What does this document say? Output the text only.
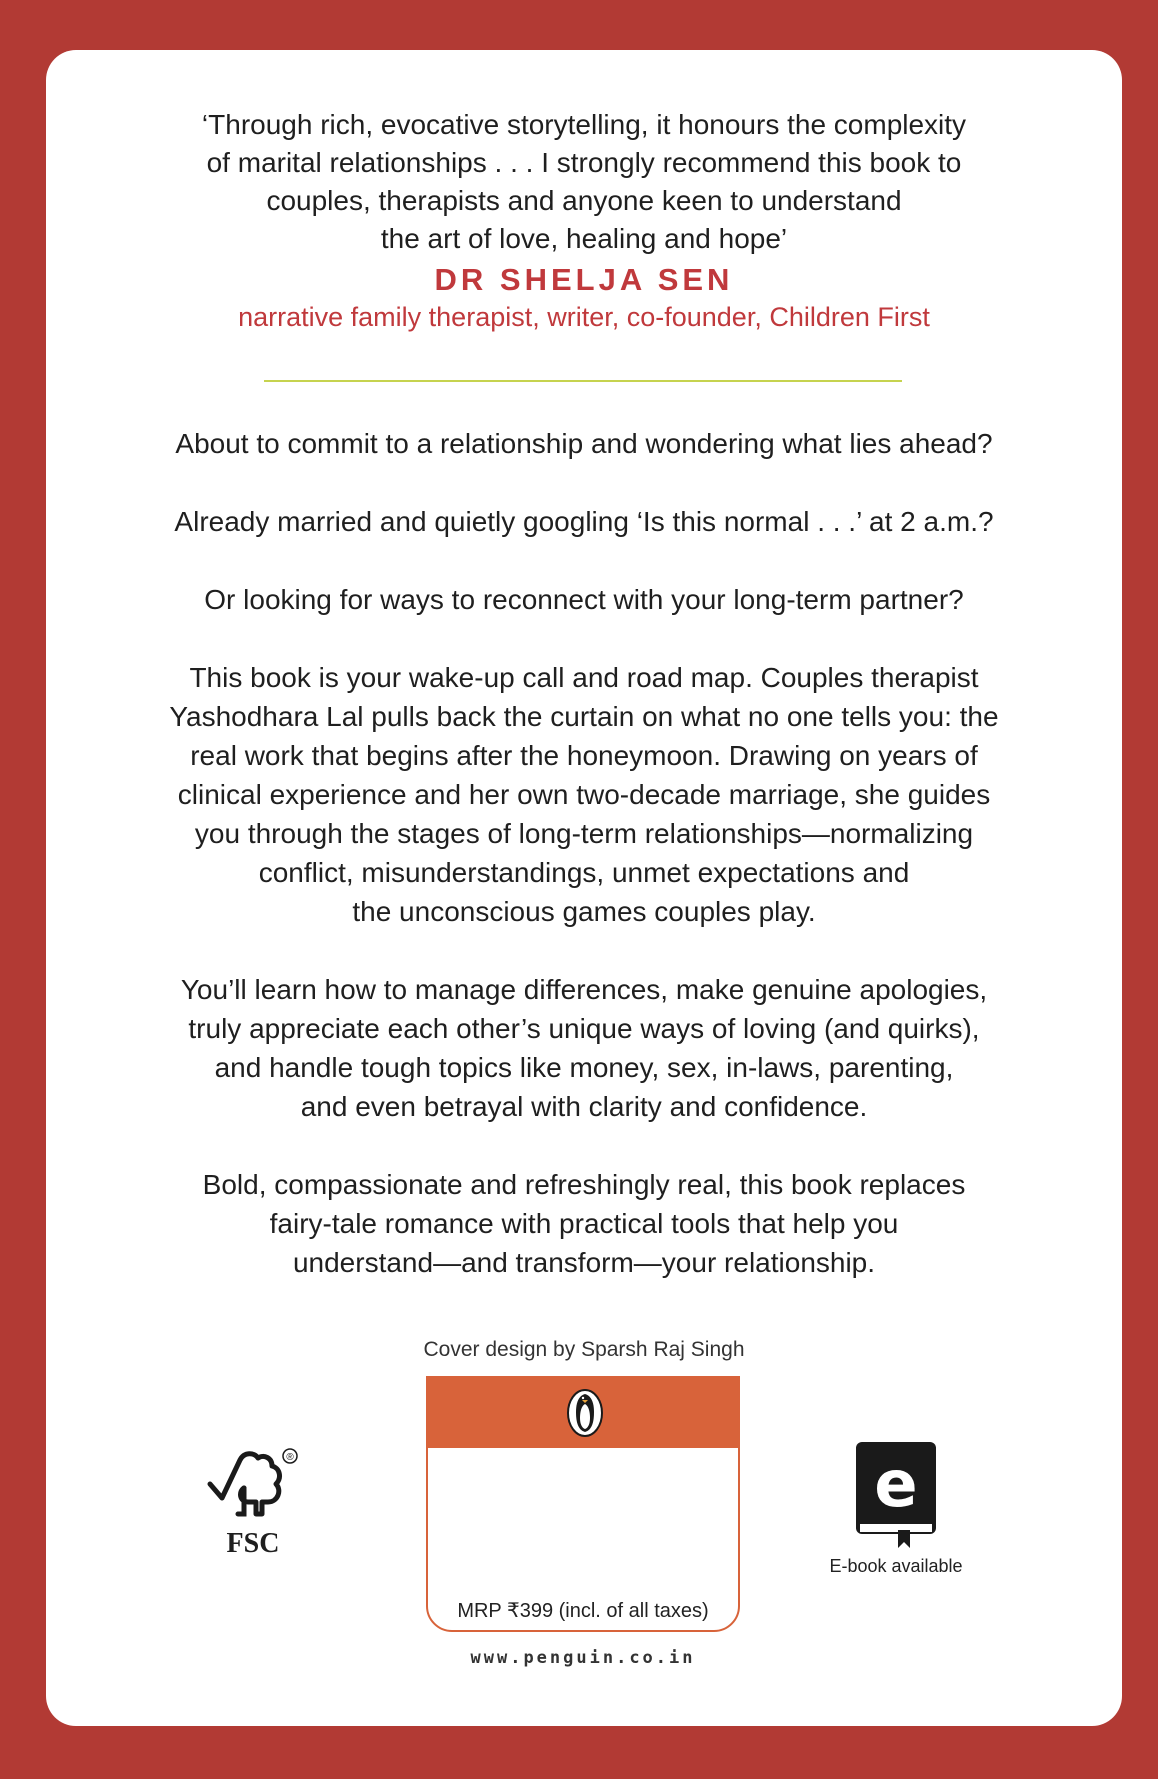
‘Through rich, evocative storytelling, it honours the complexity

of marital relationships . . . I strongly recommend this book to

couples, therapists and anyone keen to understand

the art of love, healing and hope’

DR SHELJA SEN
narrative family therapist, writer, co-founder, Children First

About to commit to a relationship and wondering what lies ahead?

Already married and quietly googling ‘Is this normal . . .’ at 2 a.m.?

Or looking for ways to reconnect with your long-term partner?

This book is your wake-up call and road map. Couples therapist
Yashodhara Lal pulls back the curtain on what no one tells you: the
real work that begins after the honeymoon. Drawing on years of
clinical experience and her own two-decade marriage, she guides
you through the stages of long-term relationships—normalizing
conflict, misunderstandings, unmet expectations and
the unconscious games couples play.

You’ll learn how to manage differences, make genuine apologies,
truly appreciate each other’s unique ways of loving (and quirks),
and handle tough topics like money, sex, in-laws, parenting,
and even betrayal with clarity and confidence.

Bold, compassionate and refreshingly real, this book replaces
fairy-tale romance with practical tools that help you
understand—and transform—your relationship.

Cover design by Sparsh Raj Singh
MRP ₹399 (incl. of all taxes)
www.penguin.co.in
®
FSC
e
E-book available
